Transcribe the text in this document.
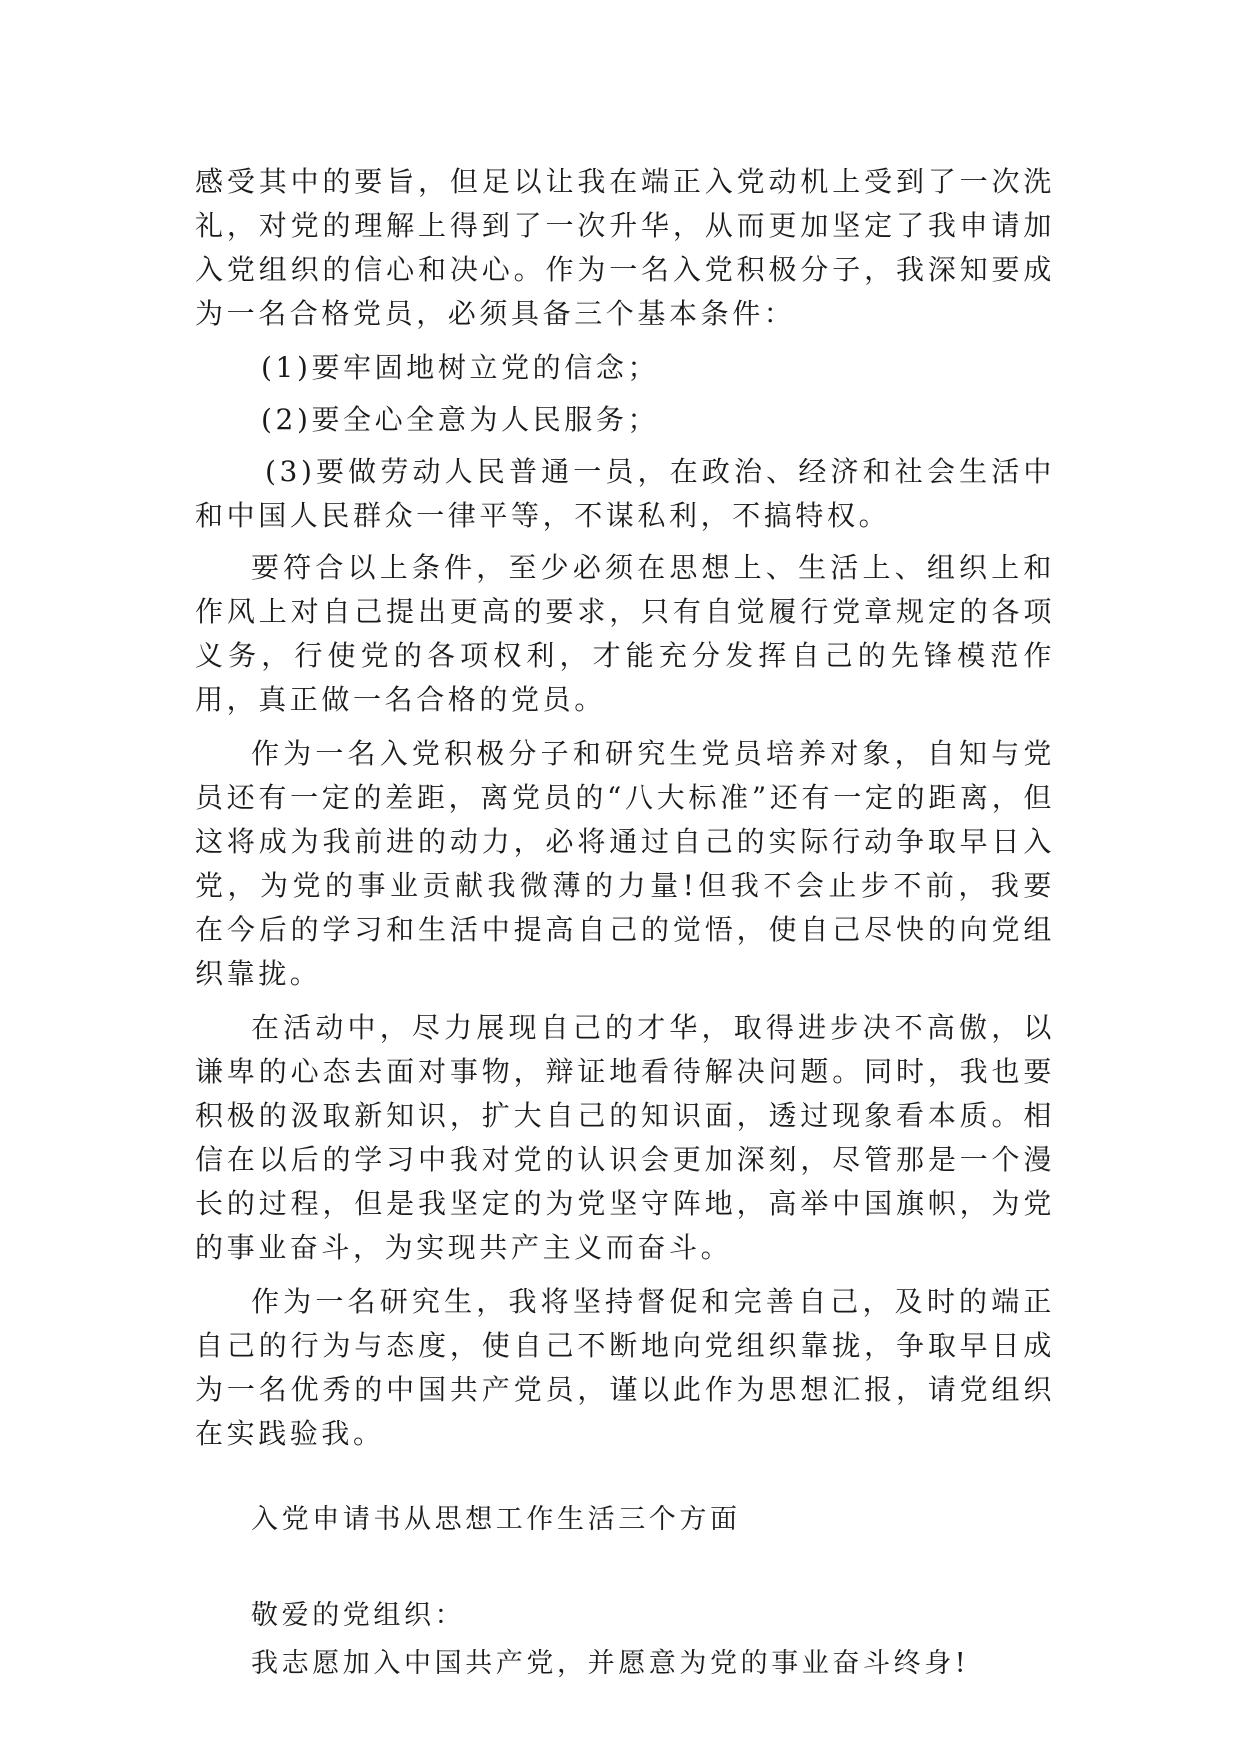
感受其中的要旨，但足以让我在端正入党动机上受到了一次洗礼，对党的理解上得到了一次升华，从而更加坚定了我申请加入党组织的信心和决心。作为一名入党积极分子，我深知要成为一名合格党员，必须具备三个基本条件：

(1)要牢固地树立党的信念；

(2)要全心全意为人民服务；

(3)要做劳动人民普通一员，在政治、经济和社会生活中和中国人民群众一律平等，不谋私利，不搞特权。

要符合以上条件，至少必须在思想上、生活上、组织上和作风上对自己提出更高的要求，只有自觉履行党章规定的各项义务，行使党的各项权利，才能充分发挥自己的先锋模范作用，真正做一名合格的党员。

作为一名入党积极分子和研究生党员培养对象，自知与党员还有一定的差距，离党员的“八大标准”还有一定的距离，但这将成为我前进的动力，必将通过自己的实际行动争取早日入党，为党的事业贡献我微薄的力量!但我不会止步不前，我要在今后的学习和生活中提高自己的觉悟，使自己尽快的向党组织靠拢。

在活动中，尽力展现自己的才华，取得进步决不高傲，以谦卑的心态去面对事物，辩证地看待解决问题。同时，我也要积极的汲取新知识，扩大自己的知识面，透过现象看本质。相信在以后的学习中我对党的认识会更加深刻，尽管那是一个漫长的过程，但是我坚定的为党坚守阵地，高举中国旗帜，为党的事业奋斗，为实现共产主义而奋斗。

作为一名研究生，我将坚持督促和完善自己，及时的端正自己的行为与态度，使自己不断地向党组织靠拢，争取早日成为一名优秀的中国共产党员，谨以此作为思想汇报，请党组织在实践验我。

入党申请书从思想工作生活三个方面
敬爱的党组织：
我志愿加入中国共产党，并愿意为党的事业奋斗终身!
